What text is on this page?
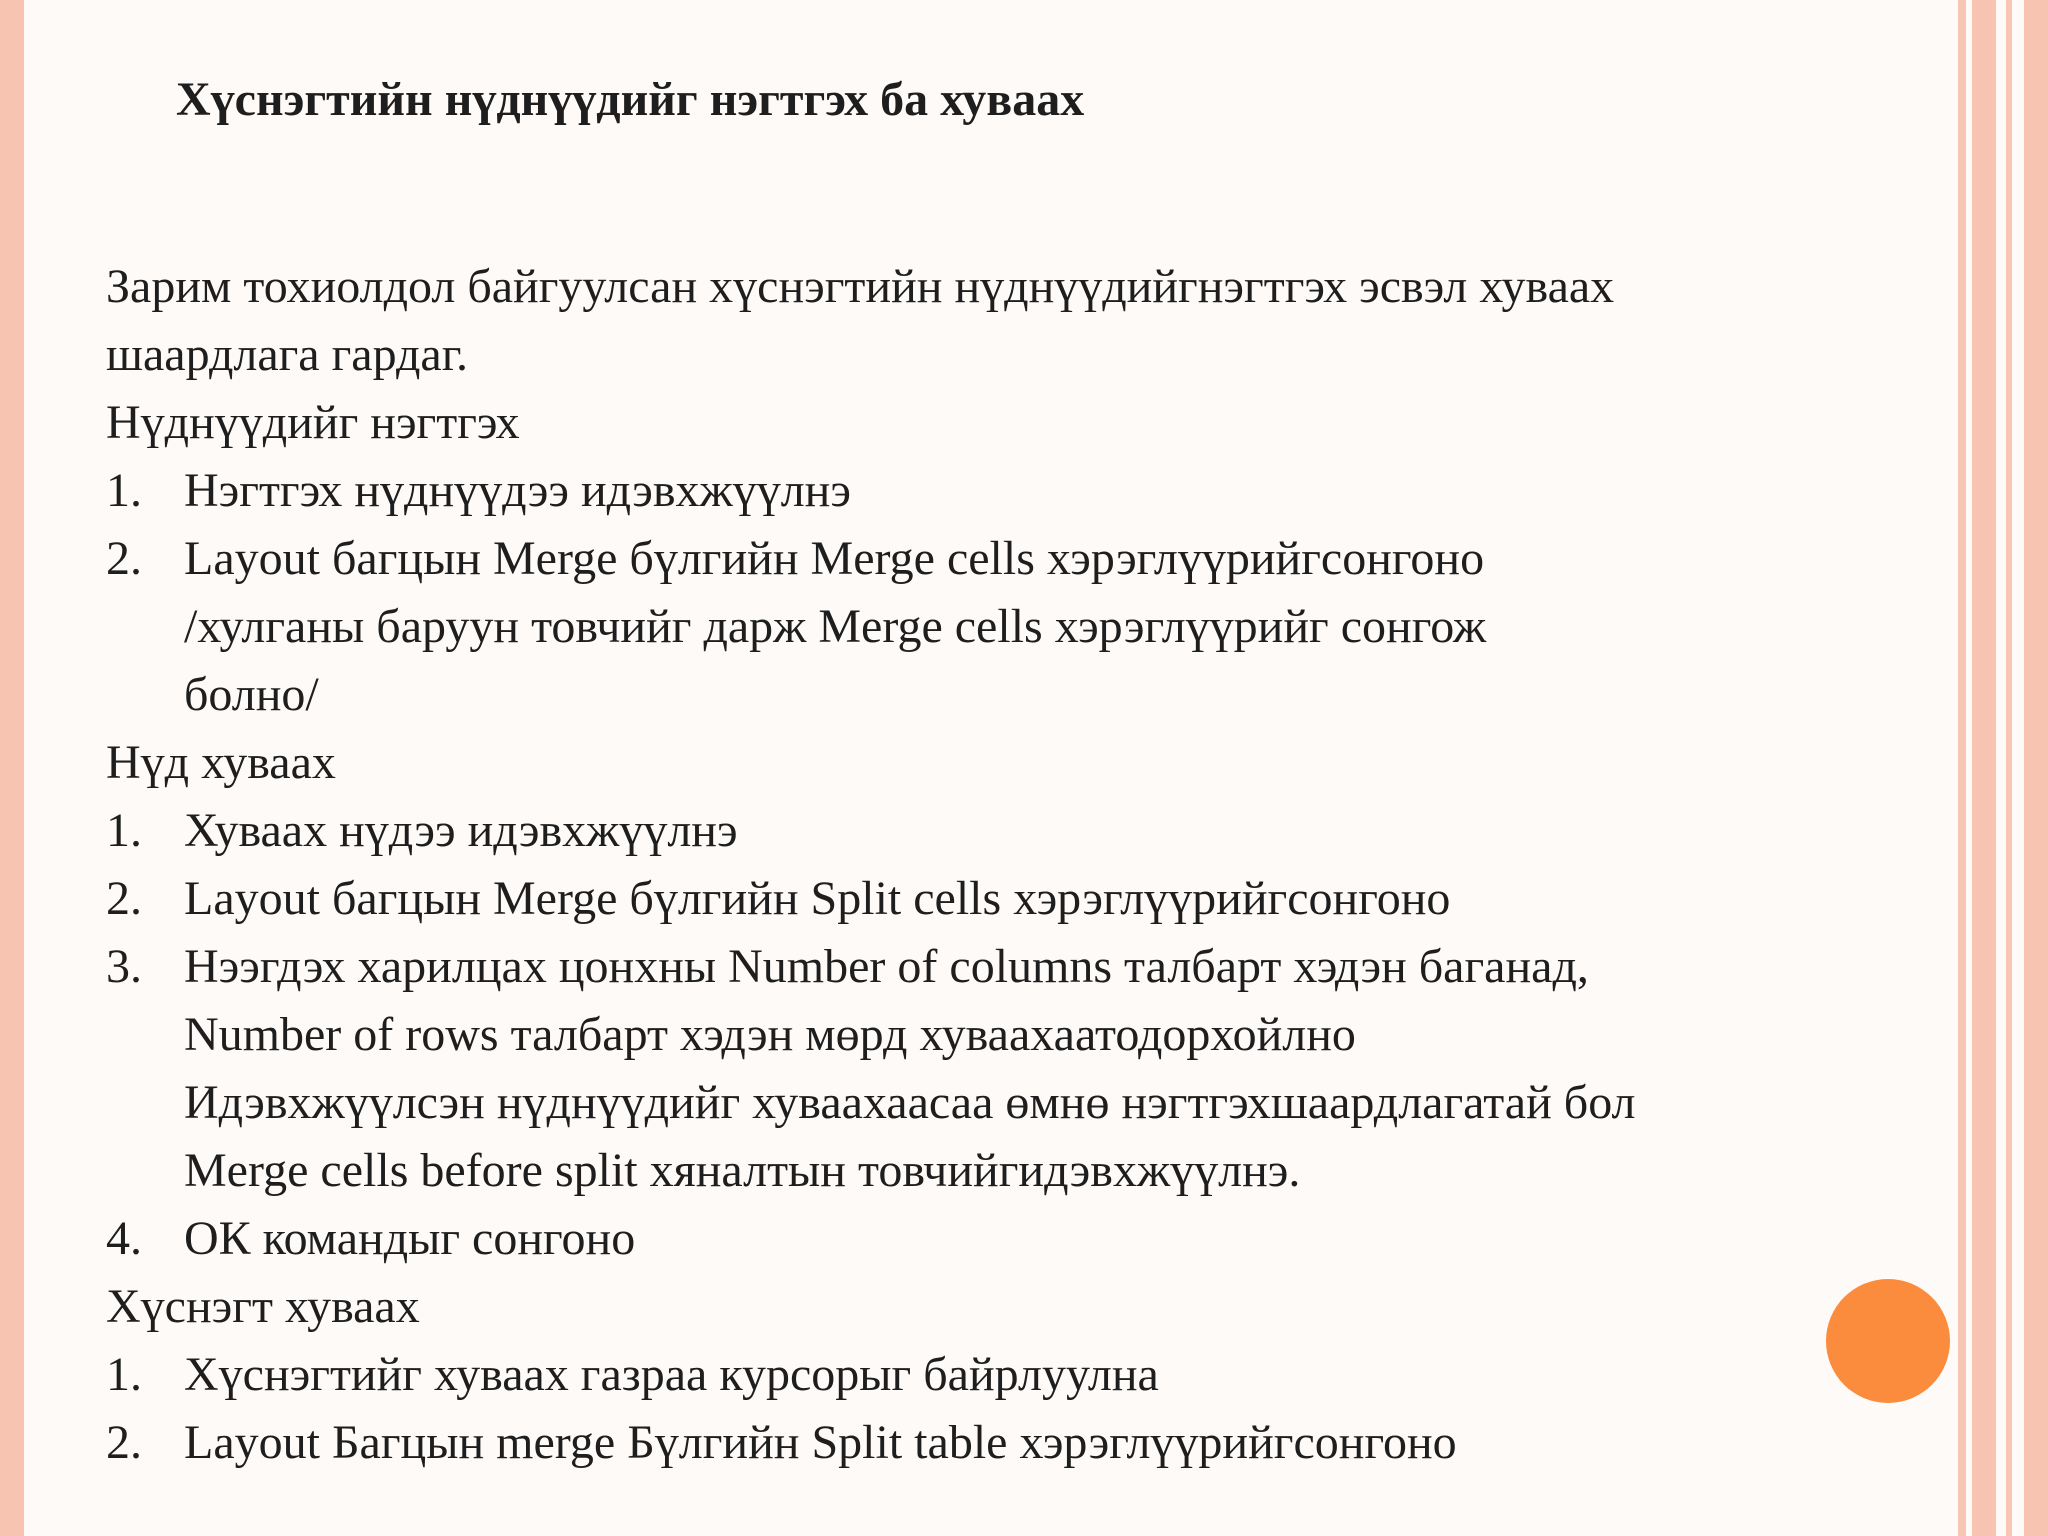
Хүснэгтийн нүднүүдийг нэгтгэх ба хуваах

Зарим тохиолдол байгуулсан хүснэгтийн нүднүүдийгнэгтгэх эсвэл хуваах
шаардлага гардаг.

Нүднүүдийг нэгтгэх

1. Нэгтгэх нүднүүдээ идэвхжүүлнэ
2. Layout багцын Merge бүлгийн Merge cells хэрэглүүрийгсонгоно
/хулганы баруун товчийг дарж Merge cells хэрэглүүрийг сонгож
болно/

Нүд хуваах

1. Хуваах нүдээ идэвхжүүлнэ
2. Layout багцын Merge бүлгийн Split cells хэрэглүүрийгсонгоно
3. Нээгдэх харилцах цонхны Number of columns талбарт хэдэн баганад,
Number of rows талбарт хэдэн мөрд хуваахаатодорхойлно
Идэвхжүүлсэн нүднүүдийг хуваахаасаа өмнө нэгтгэхшаардлагатай бол
Merge cells before split хяналтын товчийгидэвхжүүлнэ.
4. ОК командыг сонгоно

Хүснэгт хуваах

1. Хүснэгтийг хуваах газраа курсорыг байрлуулна
2. Layout Багцын merge Бүлгийн Split table хэрэглүүрийгсонгоно
